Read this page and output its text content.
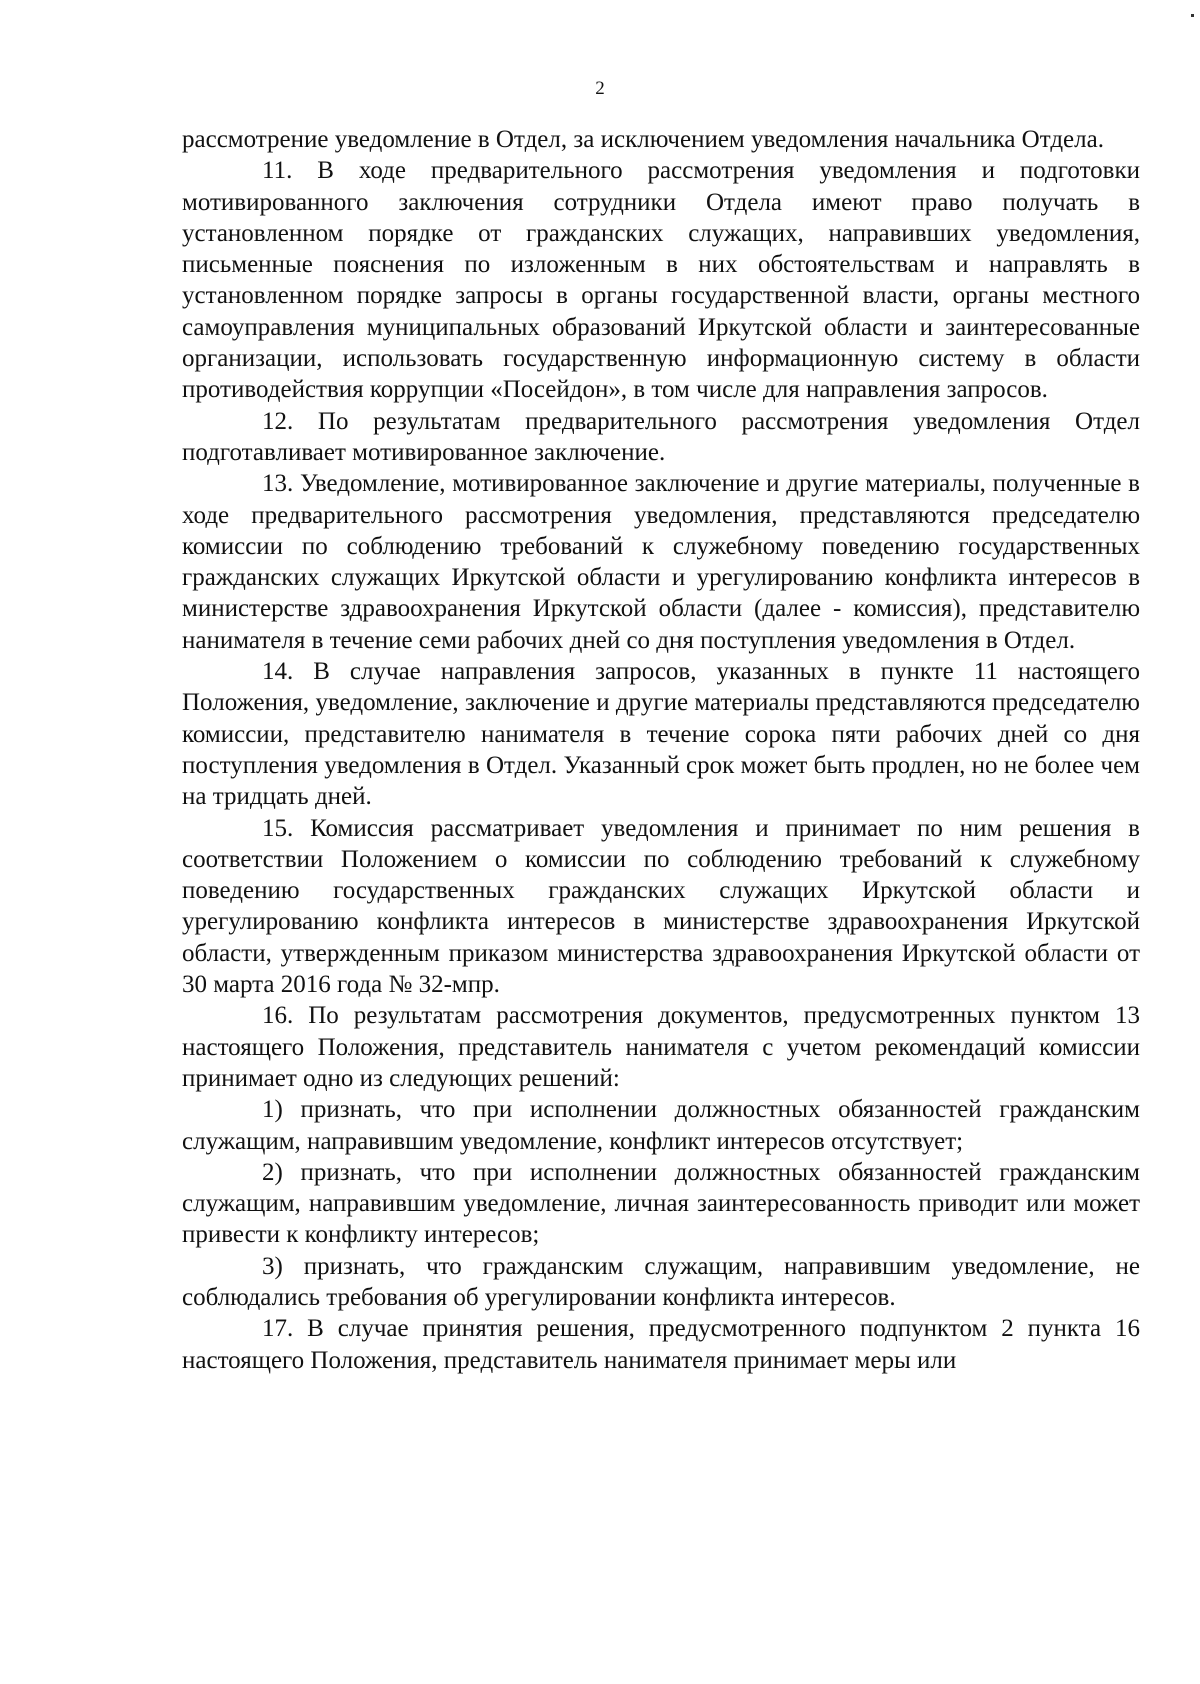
2

рассмотрение уведомление в Отдел, за исключением уведомления начальника Отдела.

11. В ходе предварительного рассмотрения уведомления и подготовки мотивированного заключения сотрудники Отдела имеют право получать в установленном порядке от гражданских служащих, направивших уведомления, письменные пояснения по изложенным в них обстоятельствам и направлять в установленном порядке запросы в органы государственной власти, органы местного самоуправления муниципальных образований Иркутской области и заинтересованные организации, использовать государственную информационную систему в области противодействия коррупции «Посейдон», в том числе для направления запросов.

12. По результатам предварительного рассмотрения уведомления Отдел подготавливает мотивированное заключение.

13. Уведомление, мотивированное заключение и другие материалы, полученные в ходе предварительного рассмотрения уведомления, представляются председателю комиссии по соблюдению требований к служебному поведению государственных гражданских служащих Иркутской области и урегулированию конфликта интересов в министерстве здравоохранения Иркутской области (далее - комиссия), представителю нанимателя в течение семи рабочих дней со дня поступления уведомления в Отдел.

14. В случае направления запросов, указанных в пункте 11 настоящего Положения, уведомление, заключение и другие материалы представляются председателю комиссии, представителю нанимателя в течение сорока пяти рабочих дней со дня поступления уведомления в Отдел. Указанный срок может быть продлен, но не более чем на тридцать дней.

15. Комиссия рассматривает уведомления и принимает по ним решения в соответствии Положением о комиссии по соблюдению требований к служебному поведению государственных гражданских служащих Иркутской области и урегулированию конфликта интересов в министерстве здравоохранения Иркутской области, утвержденным приказом министерства здравоохранения Иркутской области от 30 марта 2016 года № 32-мпр.

16. По результатам рассмотрения документов, предусмотренных пунктом 13 настоящего Положения, представитель нанимателя с учетом рекомендаций комиссии принимает одно из следующих решений:

1) признать, что при исполнении должностных обязанностей гражданским служащим, направившим уведомление, конфликт интересов отсутствует;

2) признать, что при исполнении должностных обязанностей гражданским служащим, направившим уведомление, личная заинтересованность приводит или может привести к конфликту интересов;

3) признать, что гражданским служащим, направившим уведомление, не соблюдались требования об урегулировании конфликта интересов.

17. В случае принятия решения, предусмотренного подпунктом 2 пункта 16 настоящего Положения, представитель нанимателя принимает меры или
